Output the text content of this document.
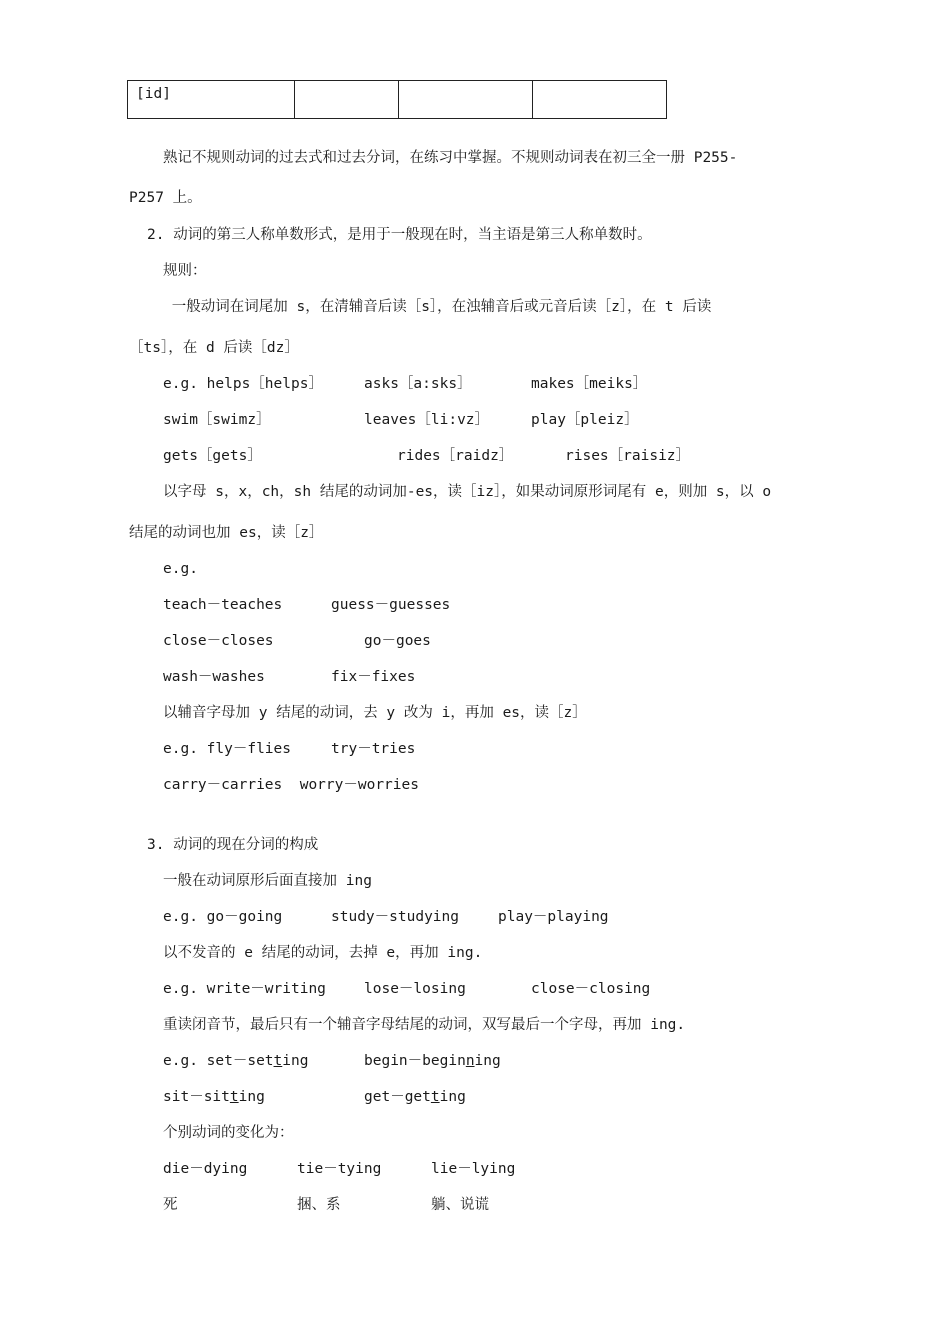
[id]			
熟记不规则动词的过去式和过去分词，在练习中掌握。不规则动词表在初三全一册 P255-
P257 上。
2. 动词的第三人称单数形式，是用于一般现在时，当主语是第三人称单数时。
规则：
一般动词在词尾加 s，在清辅音后读［s］，在浊辅音后或元音后读［z］，在 t 后读
［ts］，在 d 后读［dz］
e.g. helps［helps］	asks［a:sks］	makes［meiks］
swim［swimz］	leaves［li:vz］	play［pleiz］
gets［gets］	rides［raidz］	rises［raisiz］
以字母 s，x，ch，sh 结尾的动词加-es，读［iz］，如果动词原形词尾有 e，则加 s，以 o
结尾的动词也加 es，读［z］
e.g.
teach－teaches	guess－guesses
close－closes	go－goes
wash－washes	fix－fixes
以辅音字母加 y 结尾的动词，去 y 改为 i，再加 es，读［z］
e.g. fly－flies	try－tries
carry－carries  worry－worries
3. 动词的现在分词的构成
一般在动词原形后面直接加 ing
e.g. go－going	study－studying	play－playing
以不发音的 e 结尾的动词，去掉 e，再加 ing.
e.g. write－writing	lose－losing	close－closing
重读闭音节，最后只有一个辅音字母结尾的动词，双写最后一个字母，再加 ing.
e.g. set－setting	begin－beginning
sit－sitting	get－getting
个别动词的变化为：
die－dying	tie－tying	lie－lying
死	捆、系	躺、说谎
